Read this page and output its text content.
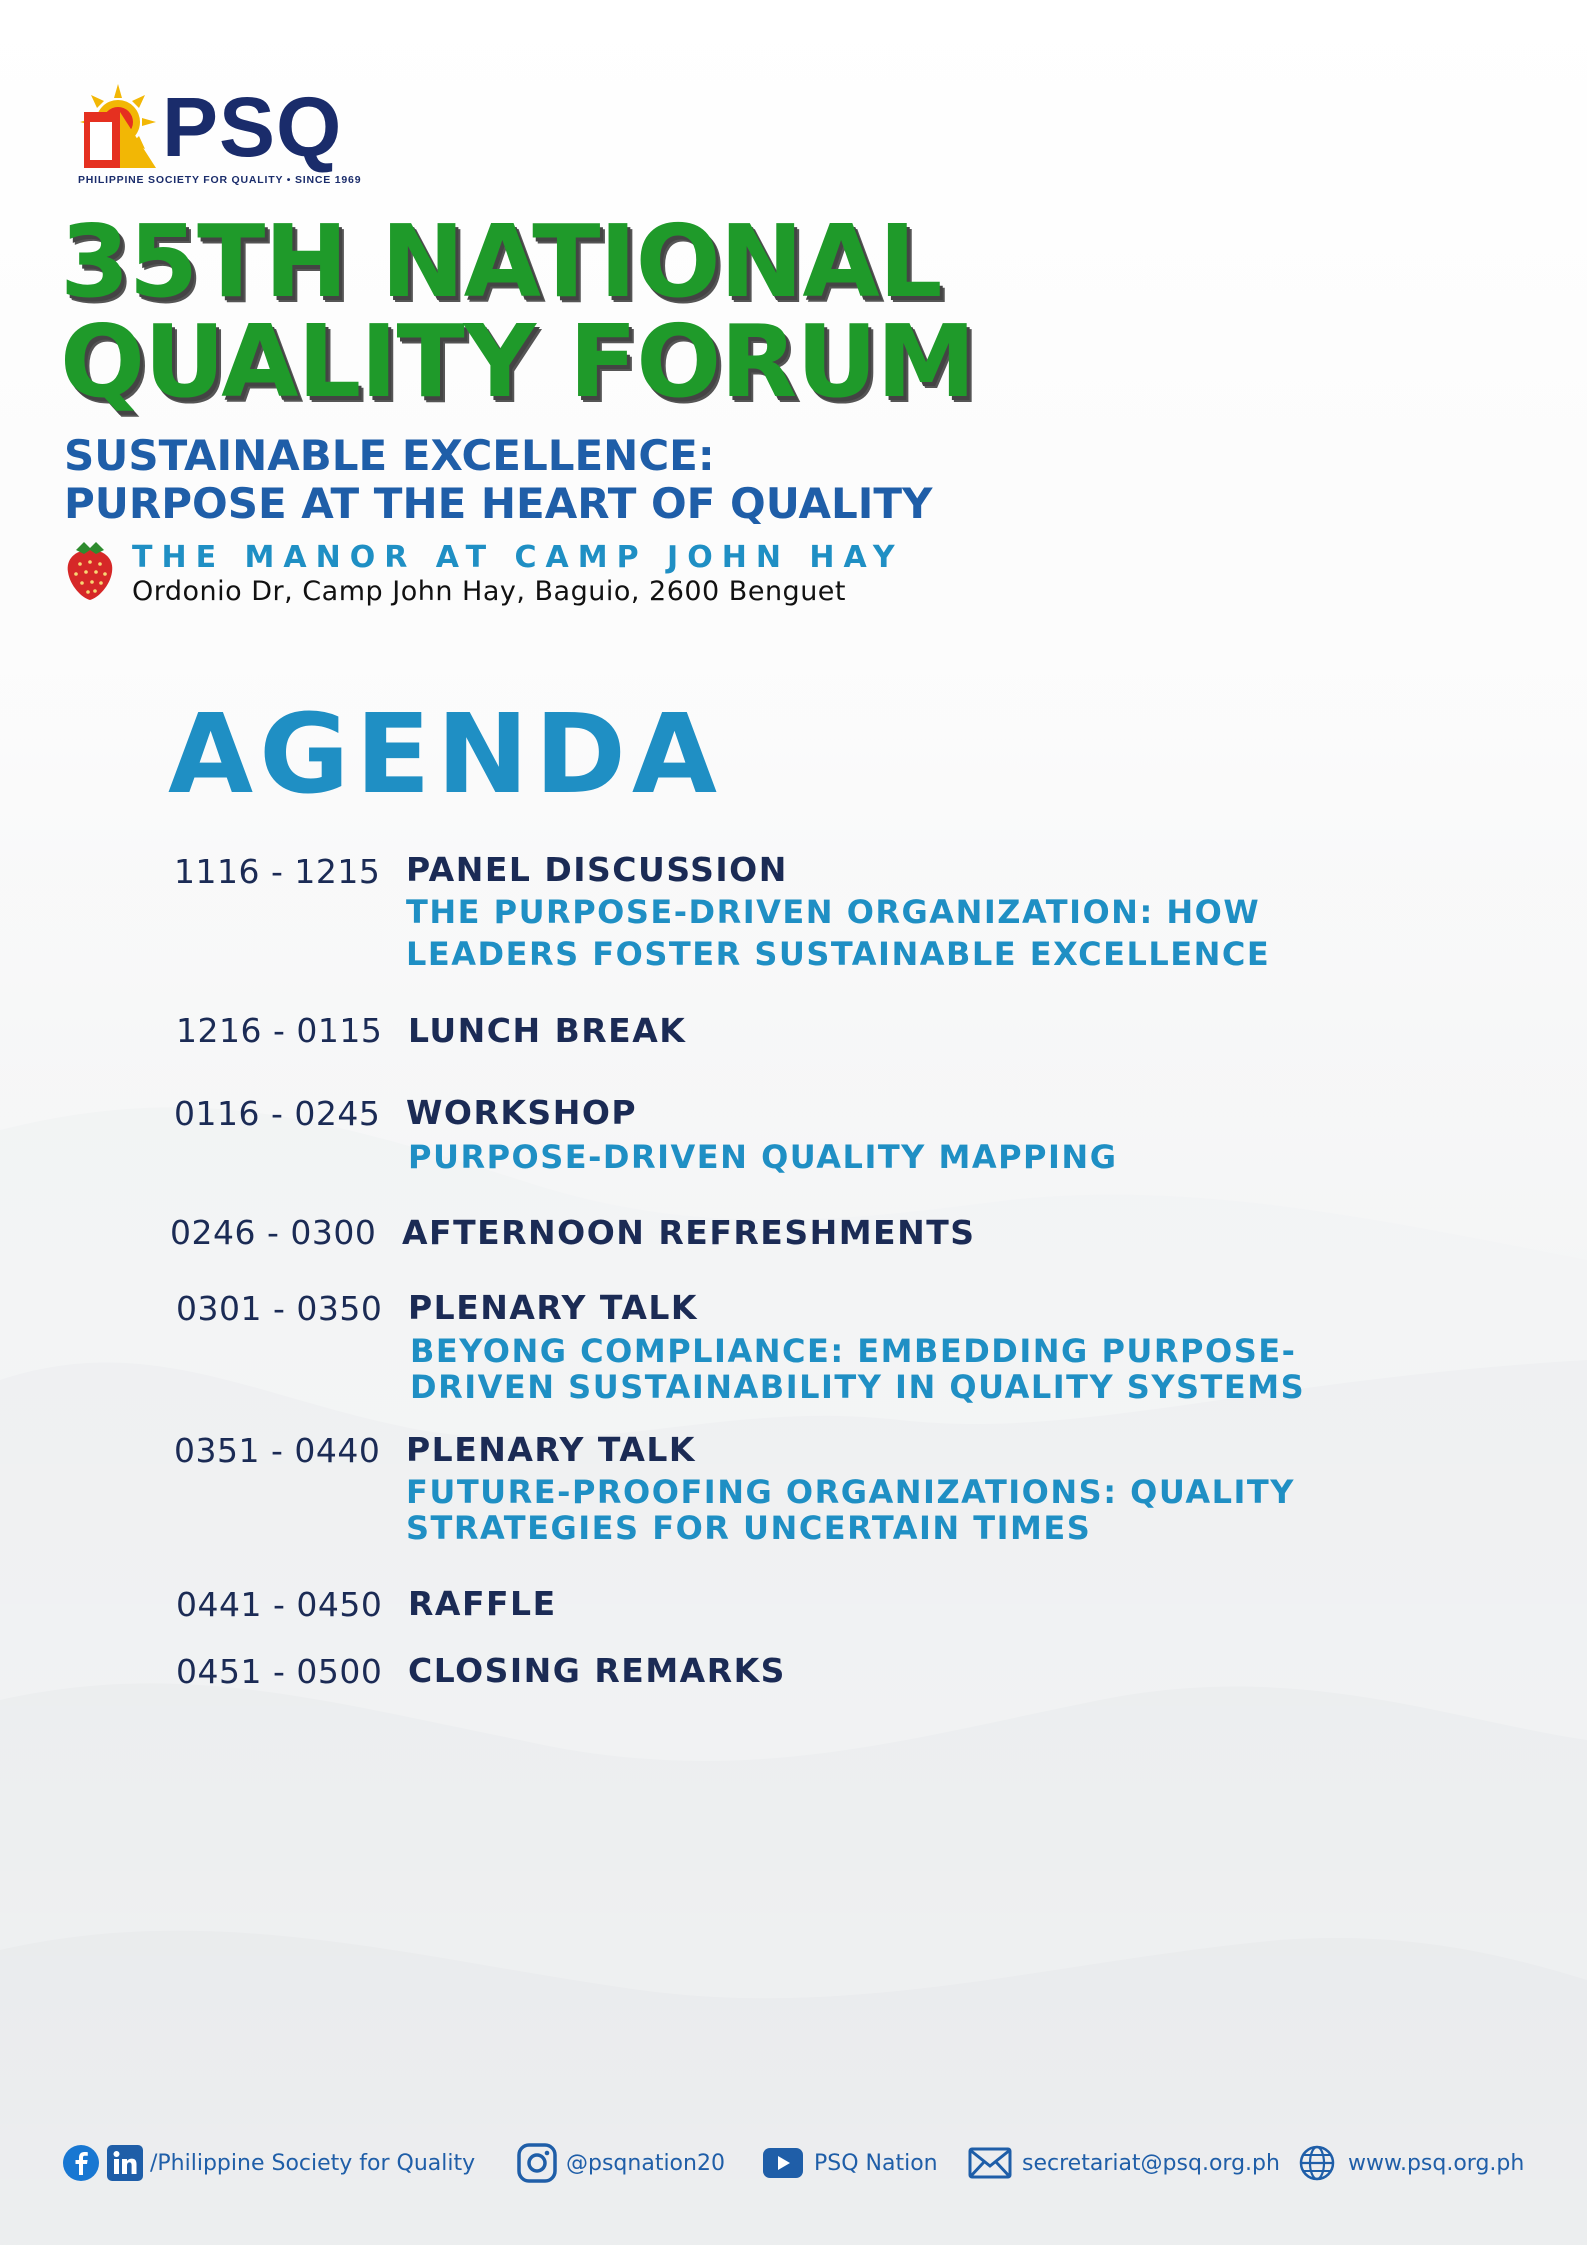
PSQ
PHILIPPINE SOCIETY FOR QUALITY • SINCE 1969
35TH NATIONAL
QUALITY FORUM
SUSTAINABLE EXCELLENCE:
PURPOSE AT THE HEART OF QUALITY
THE MANOR AT CAMP JOHN HAY
Ordonio Dr, Camp John Hay, Baguio, 2600 Benguet
AGENDA
1116 - 1215 PANEL DISCUSSION
THE PURPOSE-DRIVEN ORGANIZATION: HOW
LEADERS FOSTER SUSTAINABLE EXCELLENCE
1216 - 0115 LUNCH BREAK
0116 - 0245 WORKSHOP
PURPOSE-DRIVEN QUALITY MAPPING
0246 - 0300 AFTERNOON REFRESHMENTS
0301 - 0350 PLENARY TALK
BEYONG COMPLIANCE: EMBEDDING PURPOSE-
DRIVEN SUSTAINABILITY IN QUALITY SYSTEMS
0351 - 0440 PLENARY TALK
FUTURE-PROOFING ORGANIZATIONS: QUALITY
STRATEGIES FOR UNCERTAIN TIMES
0441 - 0450 RAFFLE
0451 - 0500 CLOSING REMARKS
/Philippine Society for Quality	@psqnation20	PSQ Nation	secretariat@psq.org.ph	www.psq.org.ph
